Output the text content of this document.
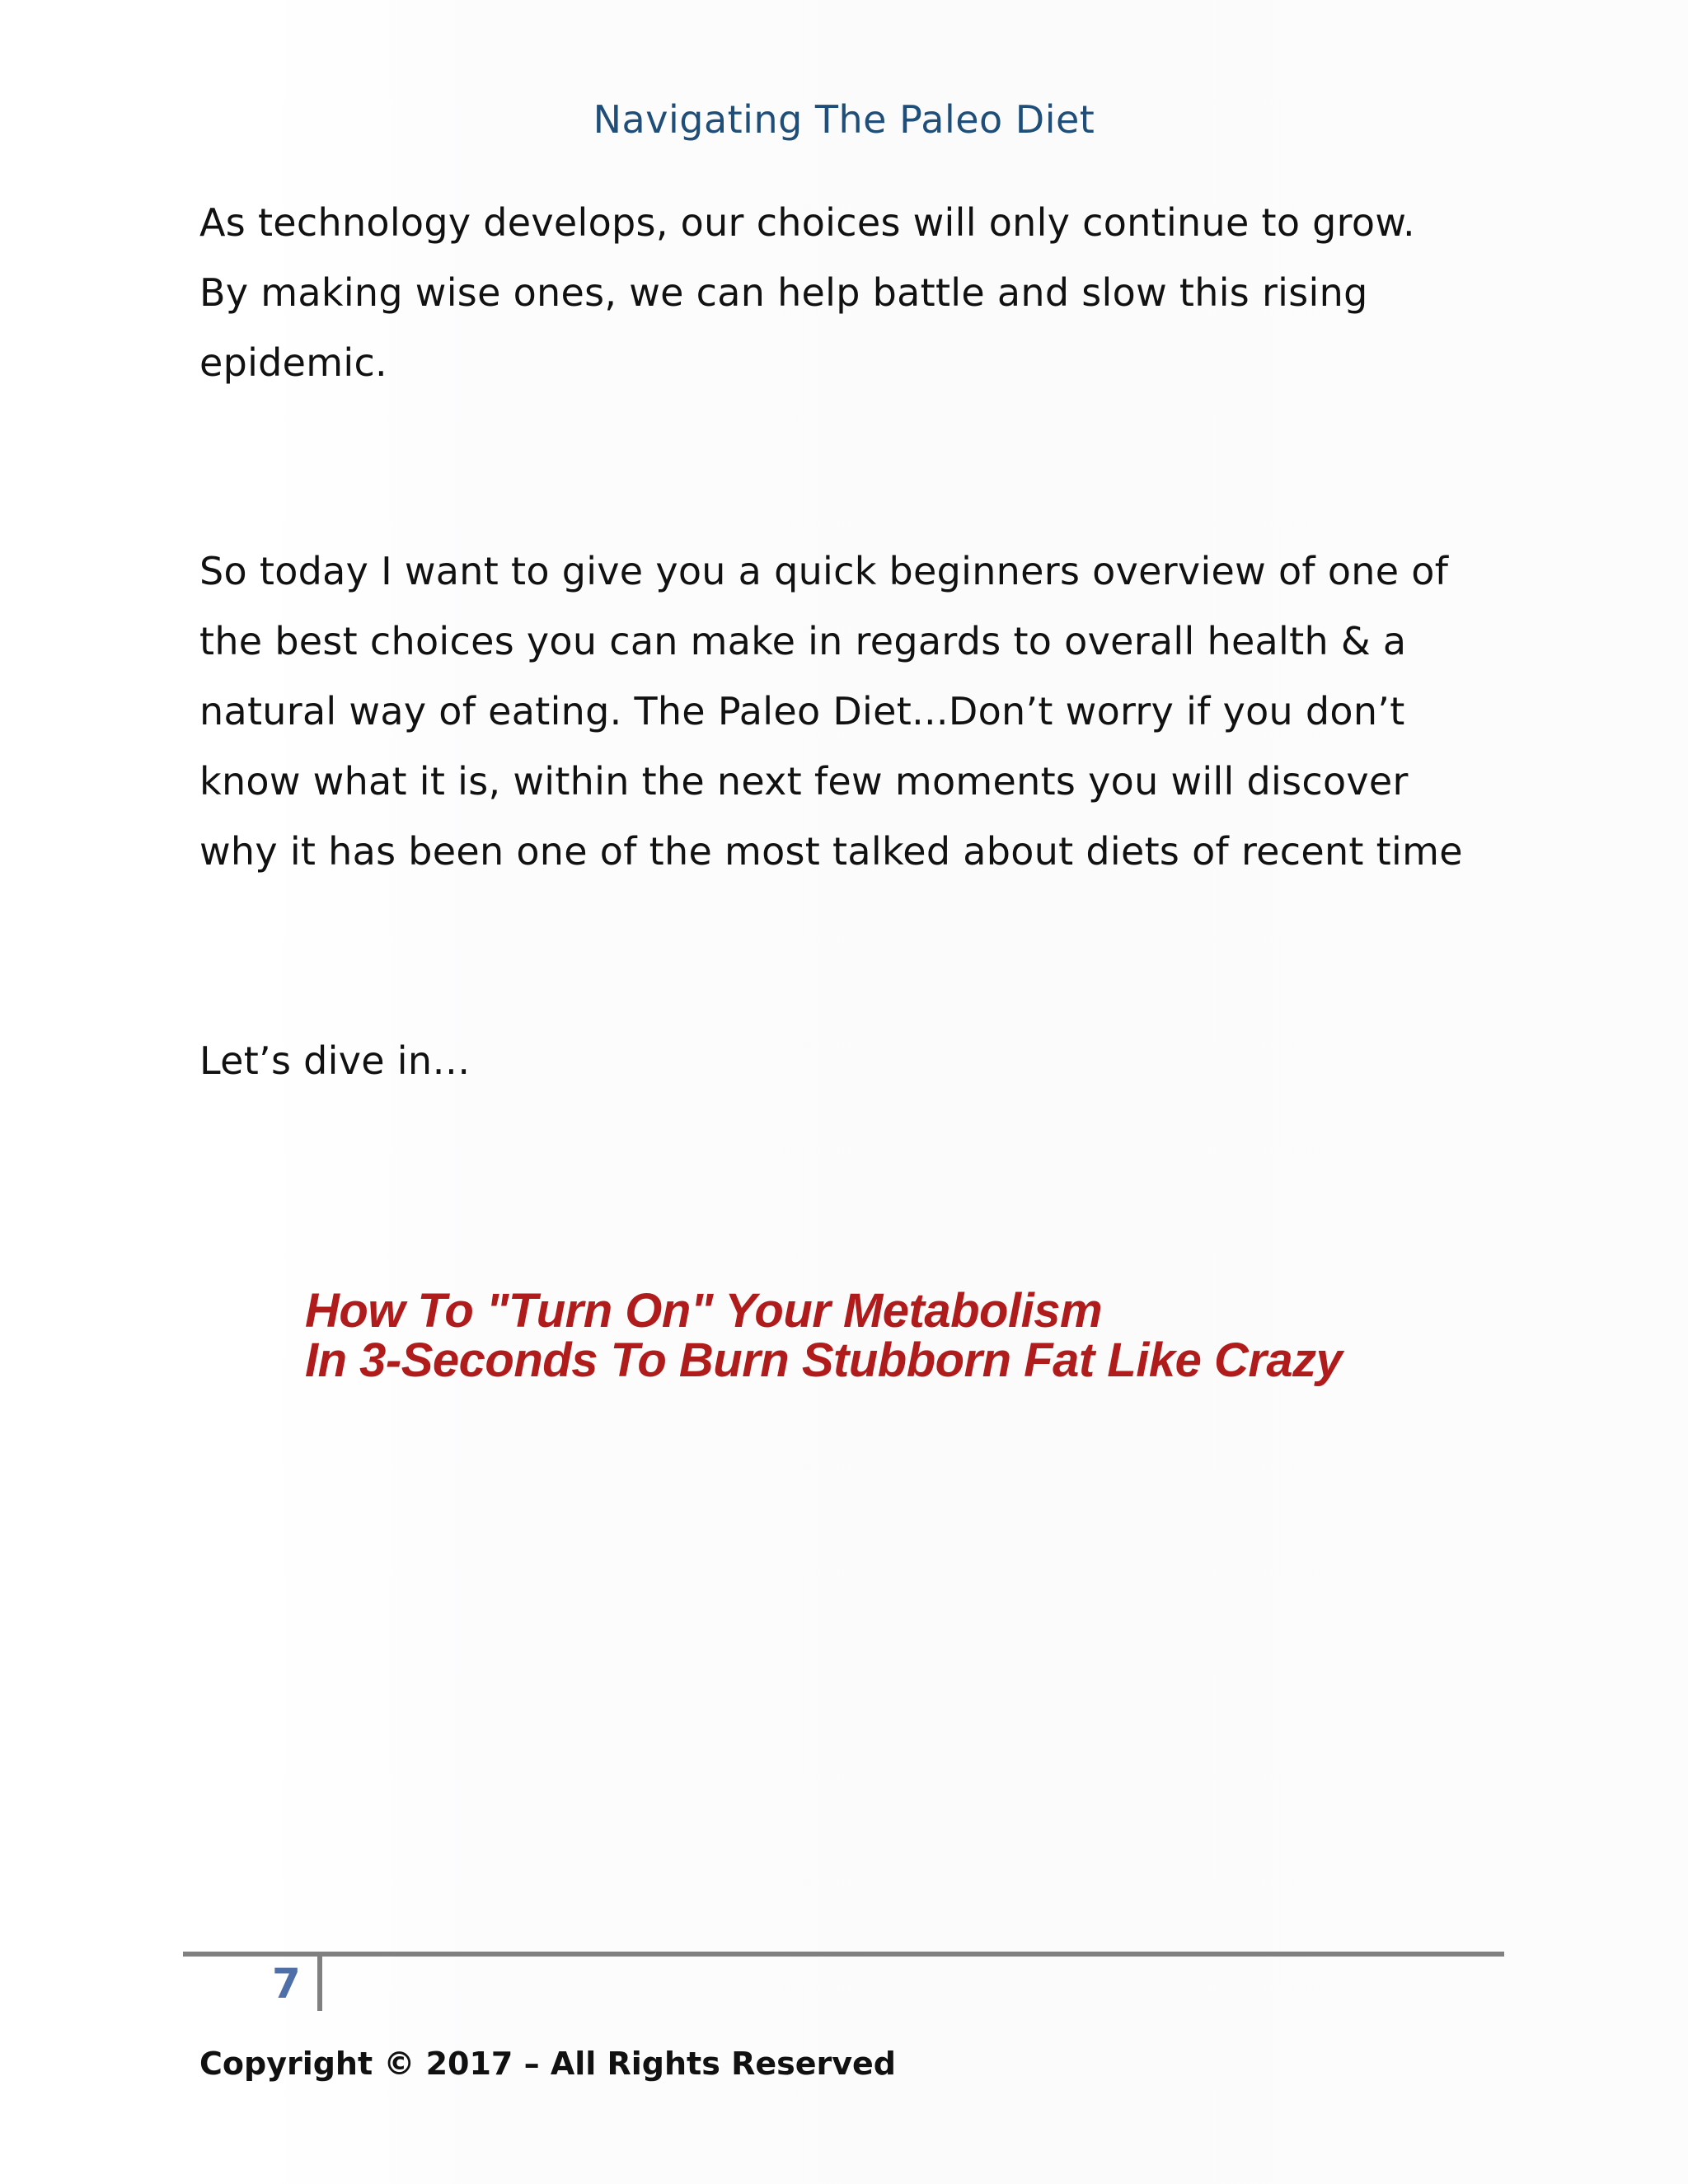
Navigating The Paleo Diet
As technology develops, our choices will only continue to grow.
By making wise ones, we can help battle and slow this rising
epidemic.
So today I want to give you a quick beginners overview of one of
the best choices you can make in regards to overall health & a
natural way of eating. The Paleo Diet...Don’t worry if you don’t
know what it is, within the next few moments you will discover
why it has been one of the most talked about diets of recent time
Let’s dive in…
How To "Turn On" Your Metabolism
In 3-Seconds To Burn Stubborn Fat Like Crazy
7
Copyright © 2017 – All Rights Reserved
